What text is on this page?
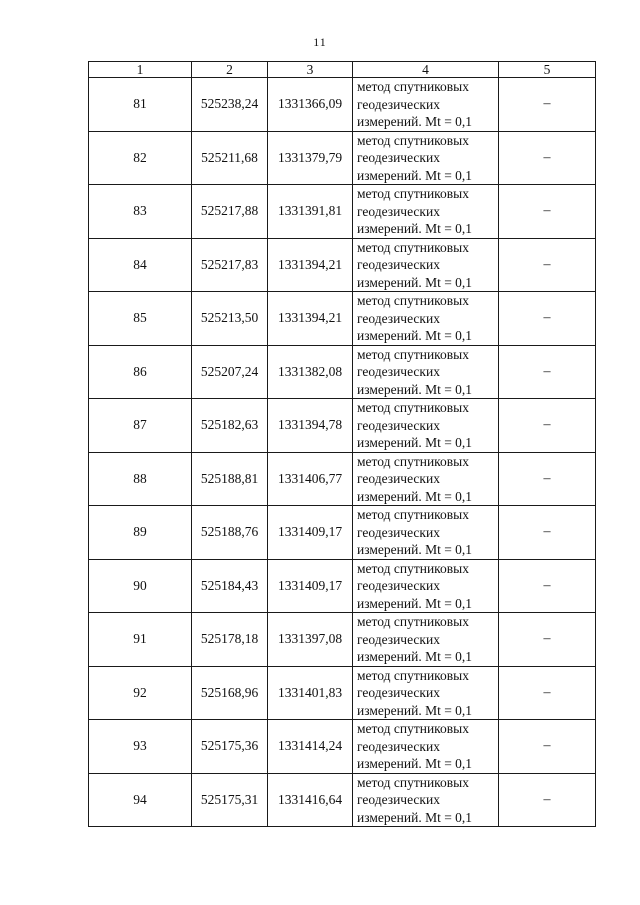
11
1	2	3	4	5
81	525238,24	1331366,09	метод спутниковых
геодезических
измерений. Mt = 0,1	–
82	525211,68	1331379,79	метод спутниковых
геодезических
измерений. Mt = 0,1	–
83	525217,88	1331391,81	метод спутниковых
геодезических
измерений. Mt = 0,1	–
84	525217,83	1331394,21	метод спутниковых
геодезических
измерений. Mt = 0,1	–
85	525213,50	1331394,21	метод спутниковых
геодезических
измерений. Mt = 0,1	–
86	525207,24	1331382,08	метод спутниковых
геодезических
измерений. Mt = 0,1	–
87	525182,63	1331394,78	метод спутниковых
геодезических
измерений. Mt = 0,1	–
88	525188,81	1331406,77	метод спутниковых
геодезических
измерений. Mt = 0,1	–
89	525188,76	1331409,17	метод спутниковых
геодезических
измерений. Mt = 0,1	–
90	525184,43	1331409,17	метод спутниковых
геодезических
измерений. Mt = 0,1	–
91	525178,18	1331397,08	метод спутниковых
геодезических
измерений. Mt = 0,1	–
92	525168,96	1331401,83	метод спутниковых
геодезических
измерений. Mt = 0,1	–
93	525175,36	1331414,24	метод спутниковых
геодезических
измерений. Mt = 0,1	–
94	525175,31	1331416,64	метод спутниковых
геодезических
измерений. Mt = 0,1	–
